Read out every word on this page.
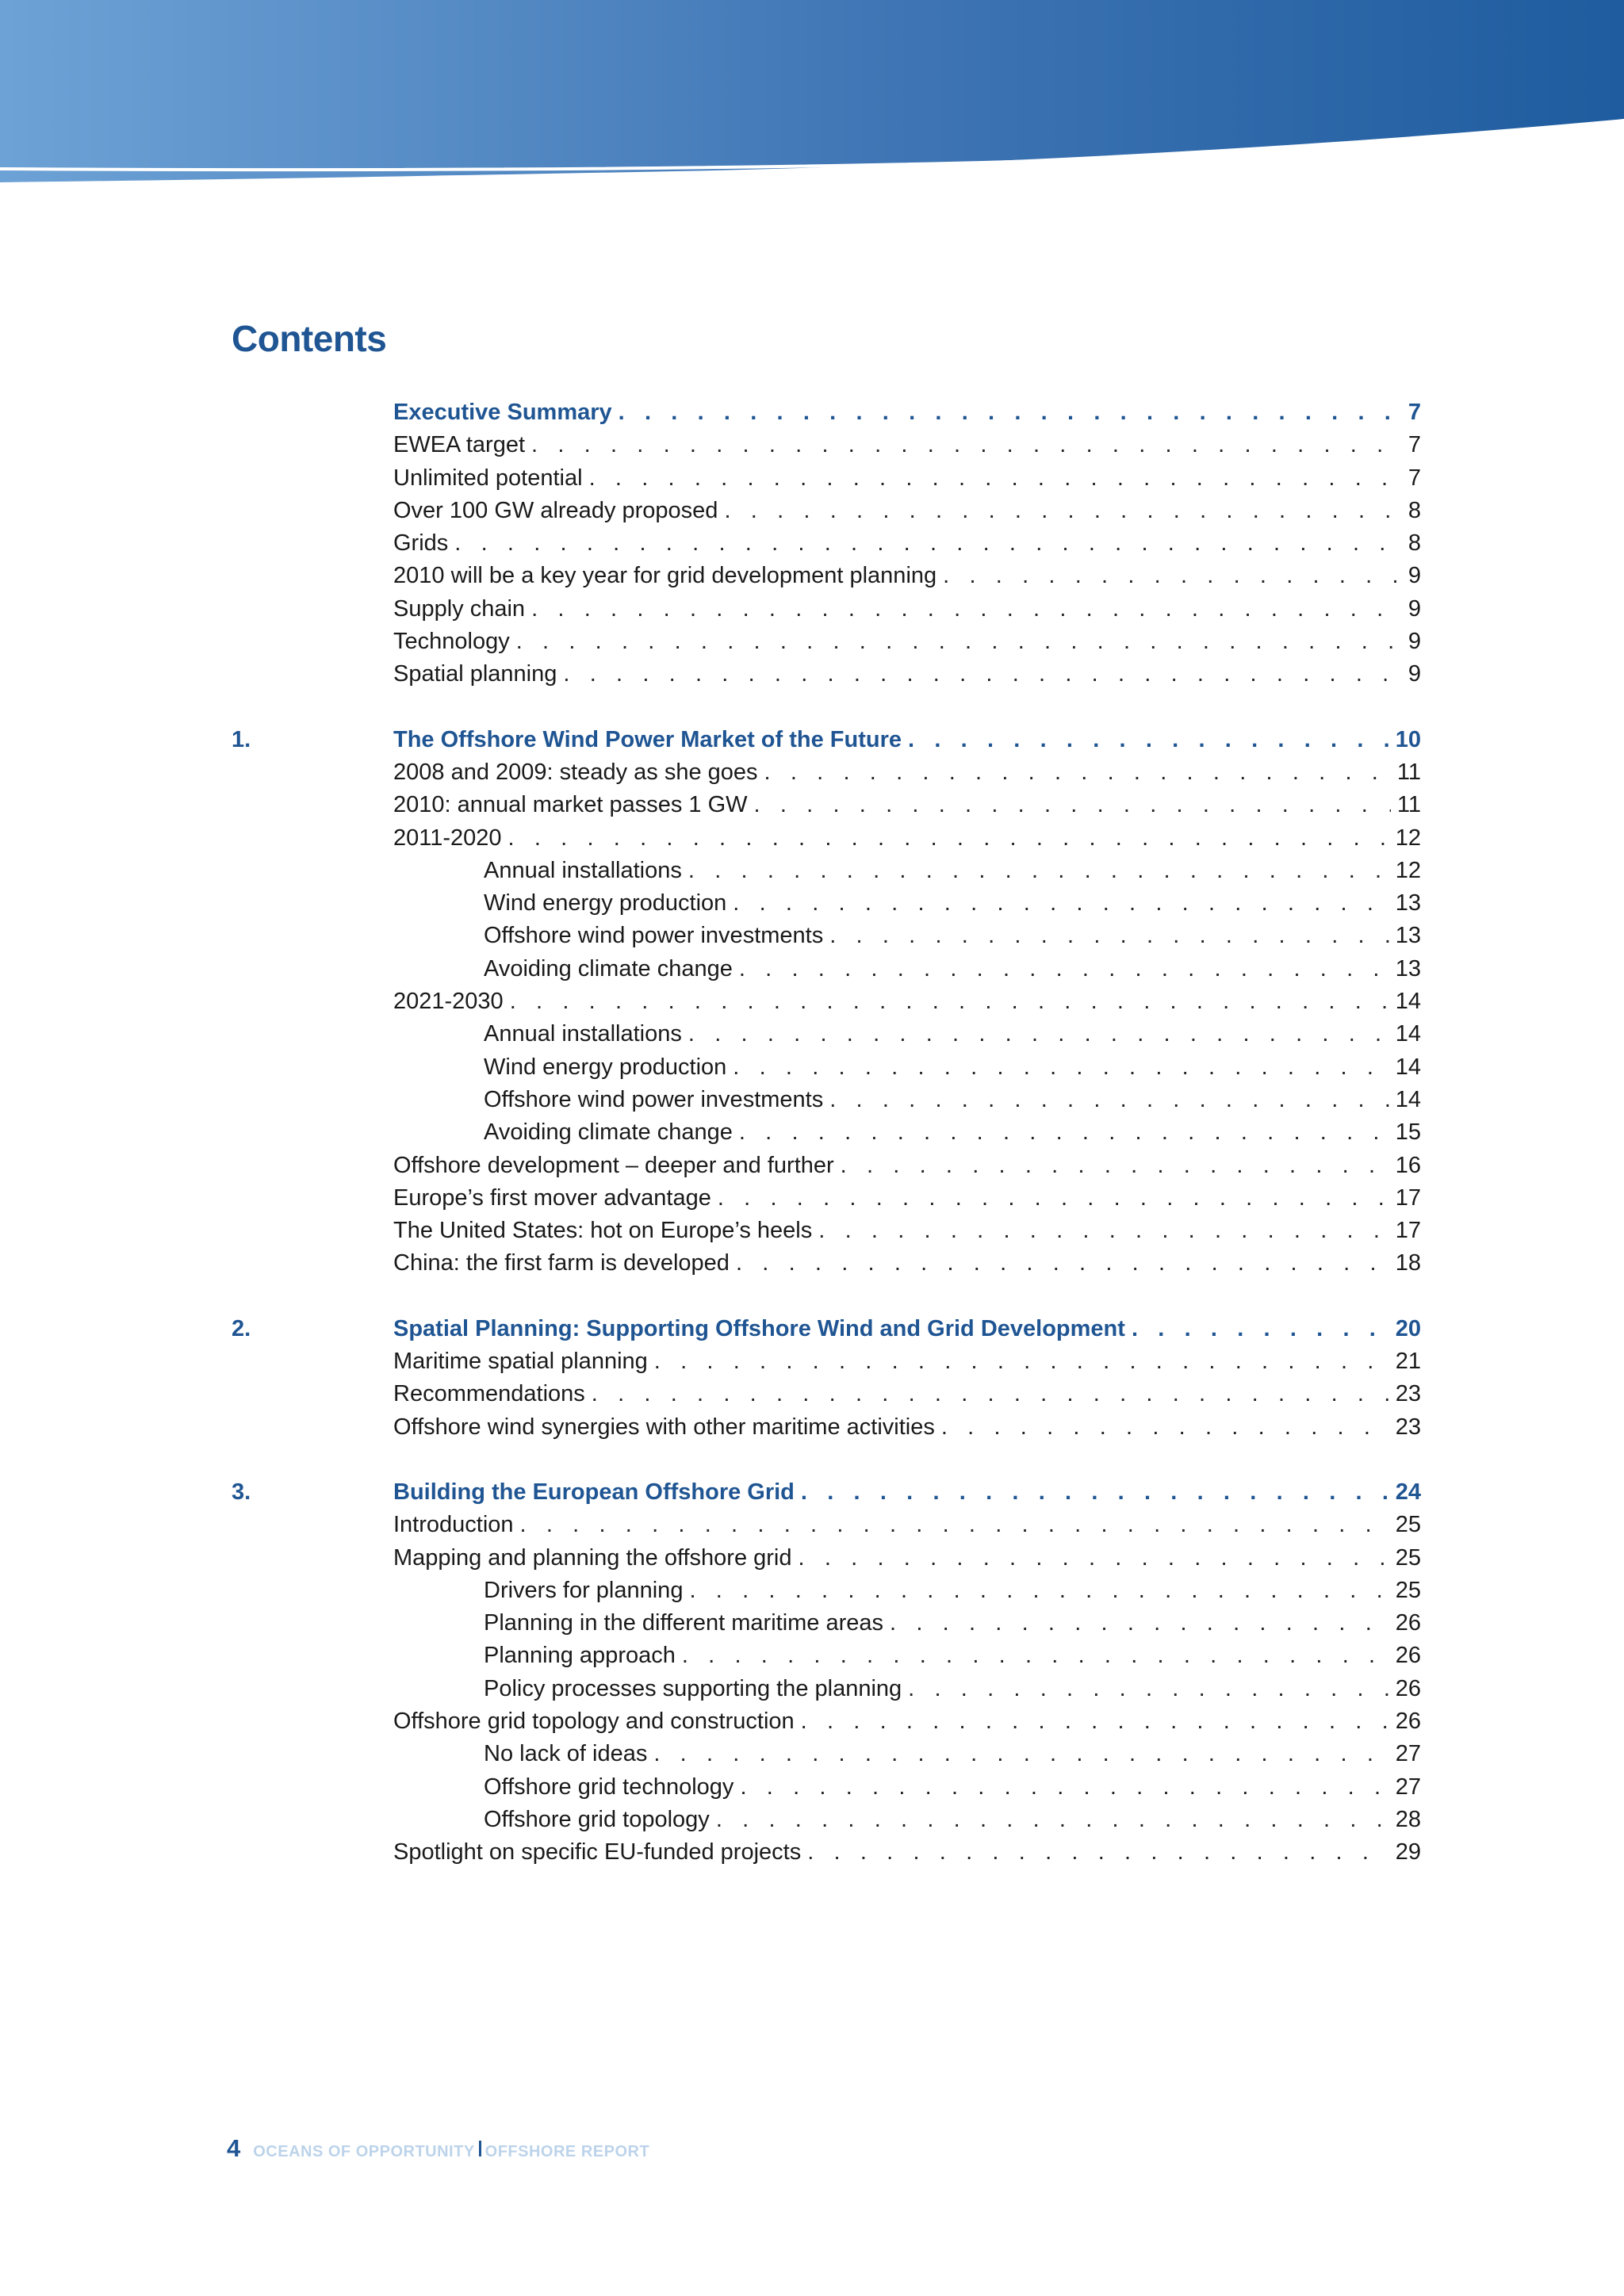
Contents
Executive Summary . . .	7
EWEA target . . .	7
Unlimited potential . . .	7
Over 100 GW already proposed . . .	8
Grids . . .	8
2010 will be a key year for grid development planning . . .	9
Supply chain . . .	9
Technology . . .	9
Spatial planning . . .	9
1.	The Offshore Wind Power Market of the Future . . .	10
2008 and 2009: steady as she goes . . .	11
2010: annual market passes 1 GW . . .	11
2011-2020 . . .	12
Annual installations . . .	12
Wind energy production . . .	13
Offshore wind power investments . . .	13
Avoiding climate change . . .	13
2021-2030 . . .	14
Annual installations . . .	14
Wind energy production . . .	14
Offshore wind power investments . . .	14
Avoiding climate change . . .	15
Offshore development – deeper and further . . .	16
Europe’s first mover advantage . . .	17
The United States: hot on Europe’s heels . . .	17
China: the first farm is developed . . .	18
2.	Spatial Planning: Supporting Offshore Wind and Grid Development . . .	20
Maritime spatial planning . . .	21
Recommendations . . .	23
Offshore wind synergies with other maritime activities . . .	23
3.	Building the European Offshore Grid . . .	24
Introduction . . .	25
Mapping and planning the offshore grid . . .	25
Drivers for planning . . .	25
Planning in the different maritime areas . . .	26
Planning approach . . .	26
Policy processes supporting the planning . . .	26
Offshore grid topology and construction . . .	26
No lack of ideas . . .	27
Offshore grid technology . . .	27
Offshore grid topology . . .	28
Spotlight on specific EU-funded projects . . .	29
4 OCEANS OF OPPORTUNITY OFFSHORE REPORT
